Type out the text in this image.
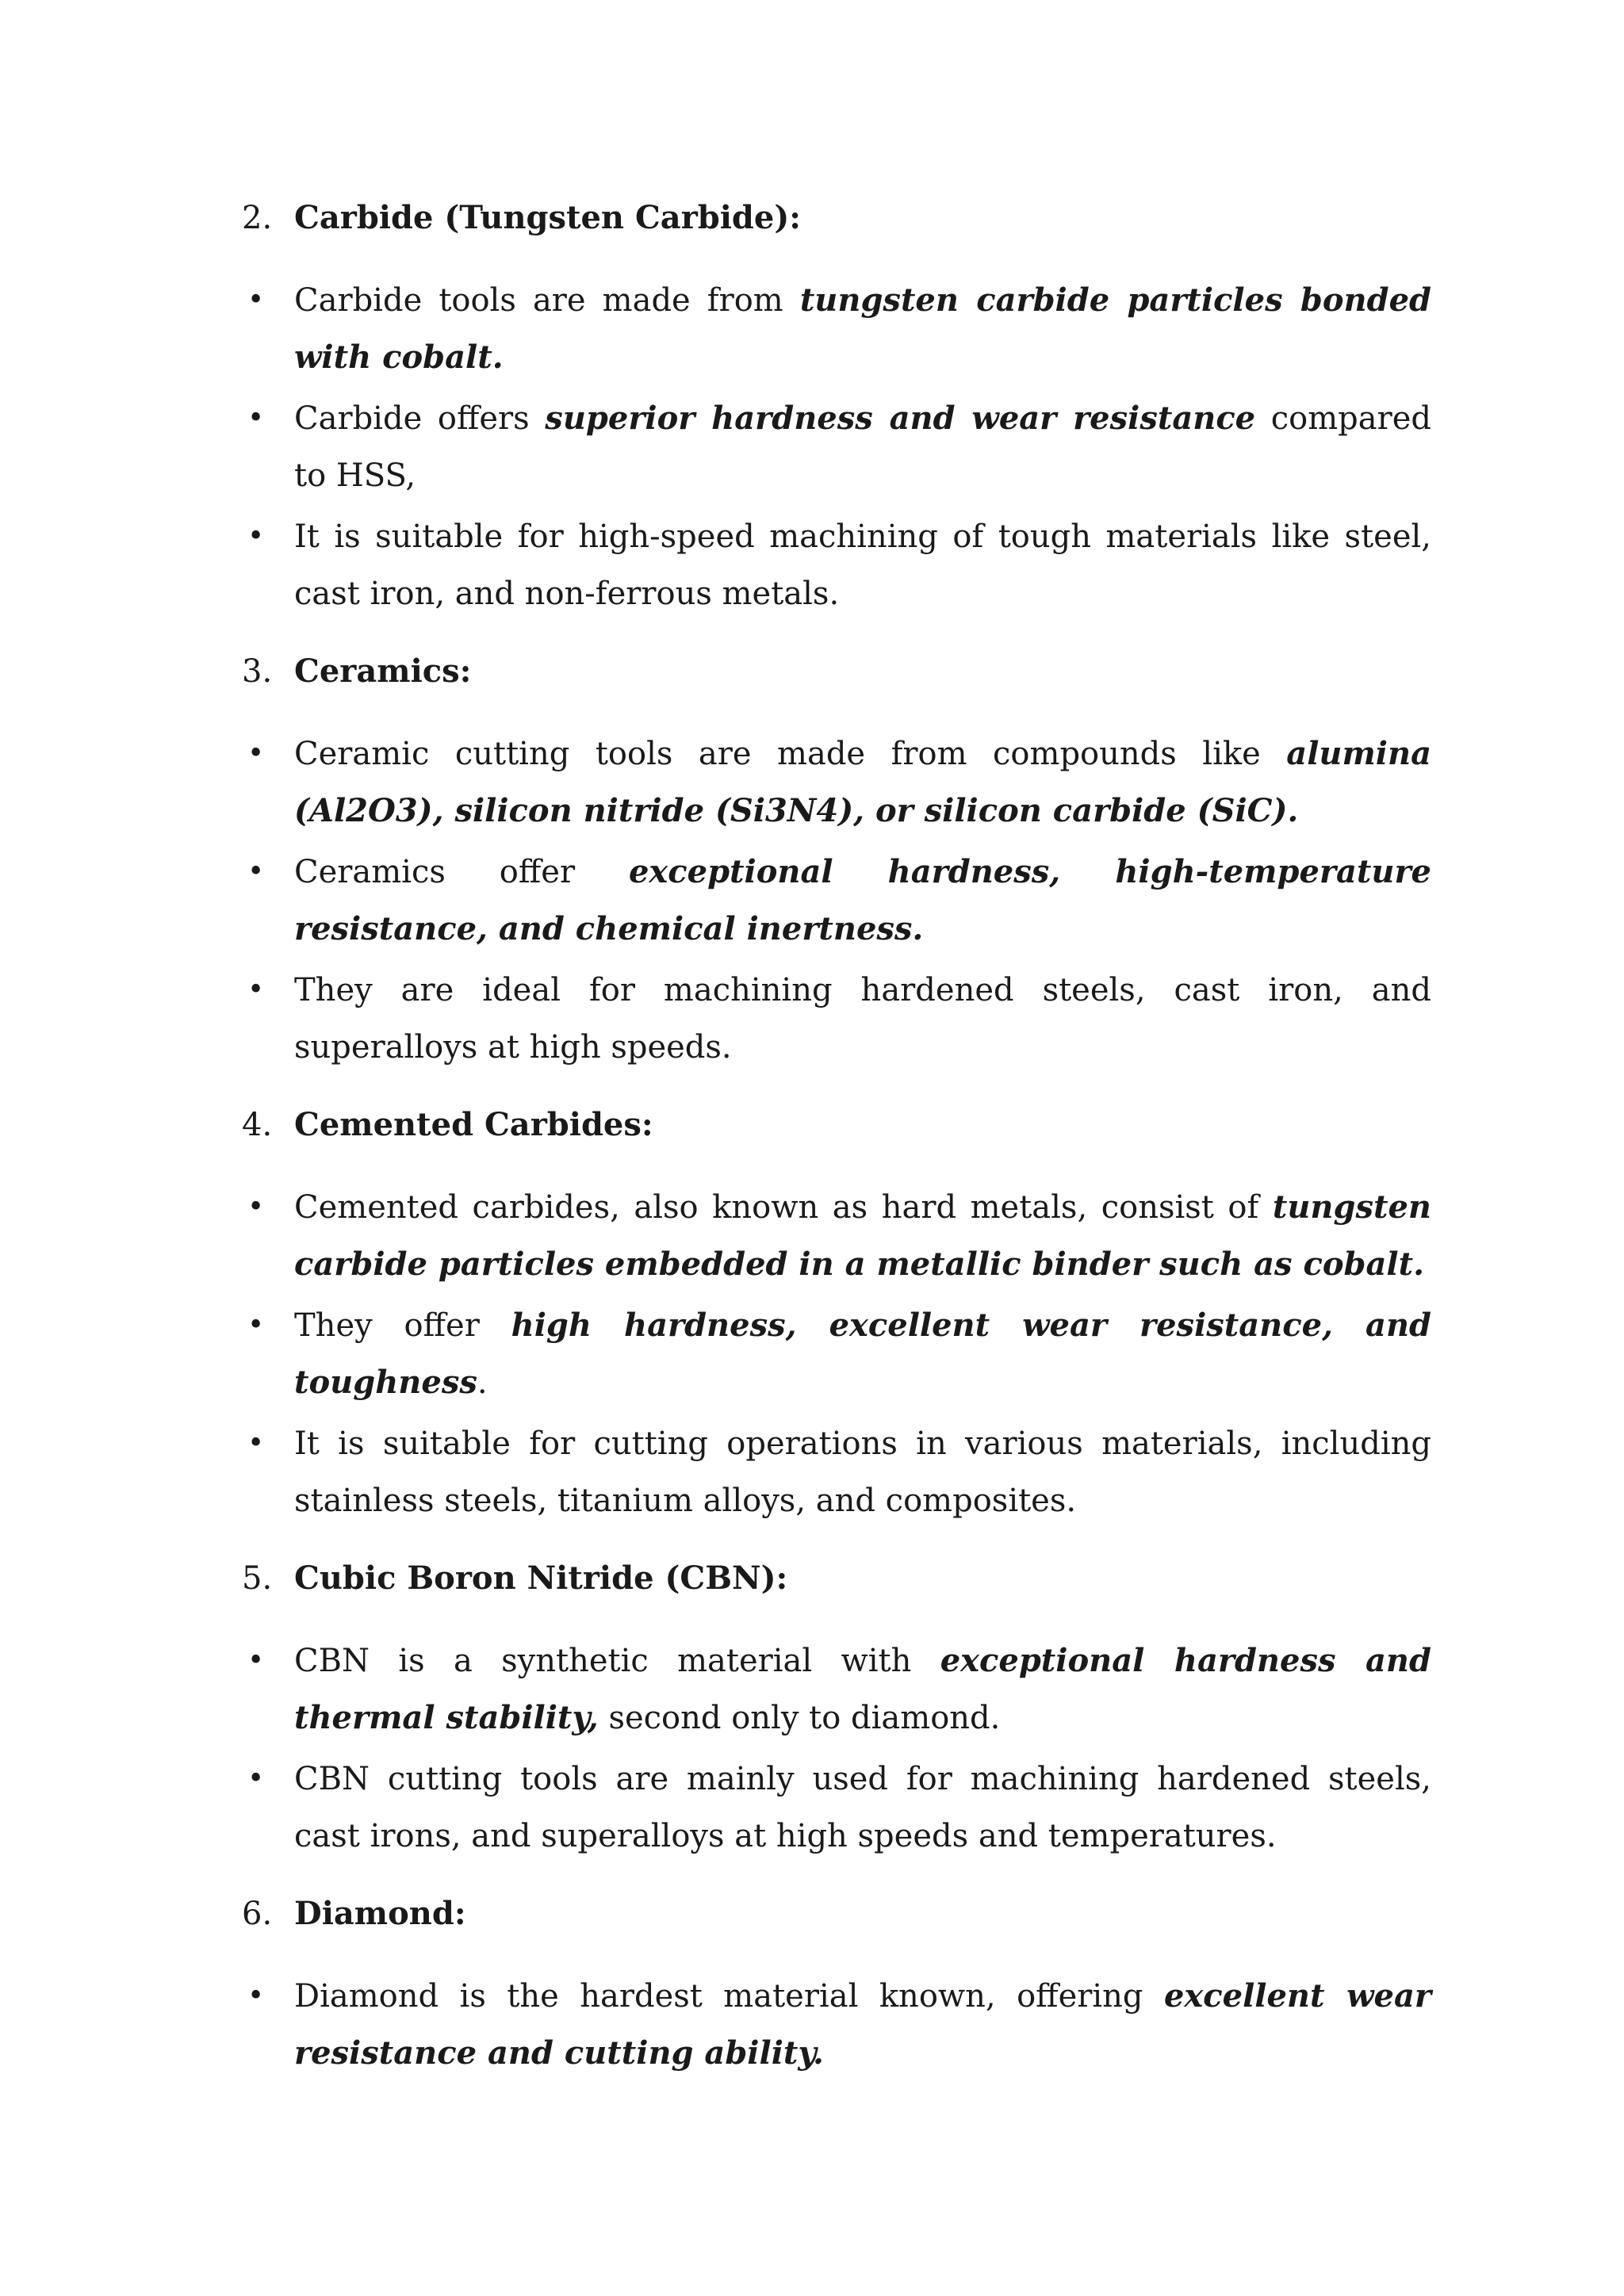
2. Carbide (Tungsten Carbide):
• Carbide tools are made from tungsten carbide particles bonded with cobalt.
• Carbide offers superior hardness and wear resistance compared to HSS,
• It is suitable for high-speed machining of tough materials like steel, cast iron, and non-ferrous metals.
3. Ceramics:
• Ceramic cutting tools are made from compounds like alumina (Al2O3), silicon nitride (Si3N4), or silicon carbide (SiC).
• Ceramics offer exceptional hardness, high-temperature resistance, and chemical inertness.
• They are ideal for machining hardened steels, cast iron, and superalloys at high speeds.
4. Cemented Carbides:
• Cemented carbides, also known as hard metals, consist of tungsten carbide particles embedded in a metallic binder such as cobalt.
• They offer high hardness, excellent wear resistance, and toughness.
• It is suitable for cutting operations in various materials, including stainless steels, titanium alloys, and composites.
5. Cubic Boron Nitride (CBN):
• CBN is a synthetic material with exceptional hardness and thermal stability, second only to diamond.
• CBN cutting tools are mainly used for machining hardened steels, cast irons, and superalloys at high speeds and temperatures.
6. Diamond:
• Diamond is the hardest material known, offering excellent wear resistance and cutting ability.
